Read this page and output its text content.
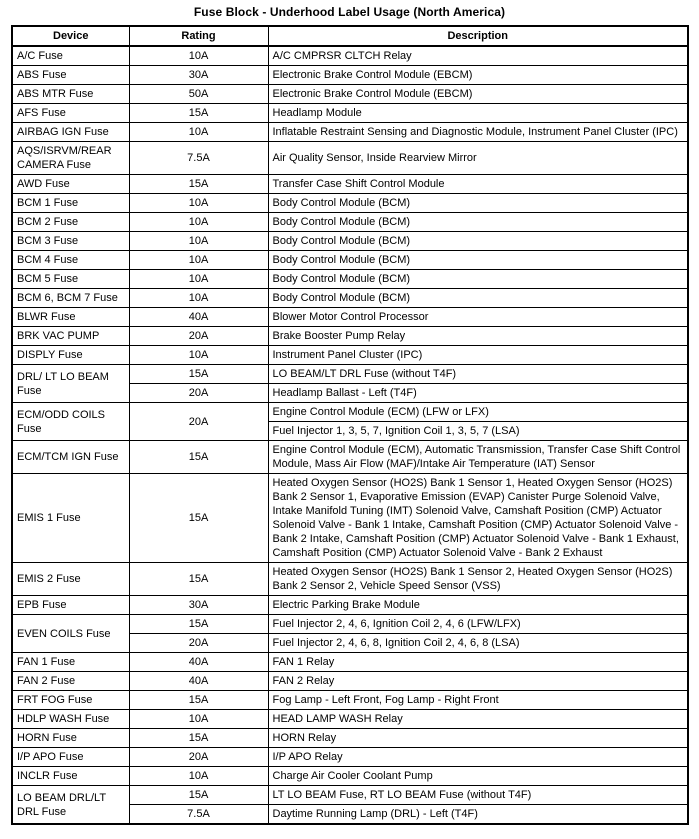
Fuse Block - Underhood Label Usage (North America)
Device	Rating	Description
A/C Fuse	10A	A/C CMPRSR CLTCH Relay
ABS Fuse	30A	Electronic Brake Control Module (EBCM)
ABS MTR Fuse	50A	Electronic Brake Control Module (EBCM)
AFS Fuse	15A	Headlamp Module
AIRBAG IGN Fuse	10A	Inflatable Restraint Sensing and Diagnostic Module, Instrument Panel Cluster (IPC)
AQS/ISRVM/REAR CAMERA Fuse	7.5A	Air Quality Sensor, Inside Rearview Mirror
AWD Fuse	15A	Transfer Case Shift Control Module
BCM 1 Fuse	10A	Body Control Module (BCM)
BCM 2 Fuse	10A	Body Control Module (BCM)
BCM 3 Fuse	10A	Body Control Module (BCM)
BCM 4 Fuse	10A	Body Control Module (BCM)
BCM 5 Fuse	10A	Body Control Module (BCM)
BCM 6, BCM 7 Fuse	10A	Body Control Module (BCM)
BLWR Fuse	40A	Blower Motor Control Processor
BRK VAC PUMP	20A	Brake Booster Pump Relay
DISPLY Fuse	10A	Instrument Panel Cluster (IPC)
DRL/ LT LO BEAM Fuse	15A	LO BEAM/LT DRL Fuse (without T4F)
	20A	Headlamp Ballast - Left (T4F)
ECM/ODD COILS Fuse	20A	Engine Control Module (ECM) (LFW or LFX)
		Fuel Injector 1, 3, 5, 7, Ignition Coil 1, 3, 5, 7 (LSA)
ECM/TCM IGN Fuse	15A	Engine Control Module (ECM), Automatic Transmission, Transfer Case Shift Control Module, Mass Air Flow (MAF)/Intake Air Temperature (IAT) Sensor
EMIS 1 Fuse	15A	Heated Oxygen Sensor (HO2S) Bank 1 Sensor 1, Heated Oxygen Sensor (HO2S) Bank 2 Sensor 1, Evaporative Emission (EVAP) Canister Purge Solenoid Valve, Intake Manifold Tuning (IMT) Solenoid Valve, Camshaft Position (CMP) Actuator Solenoid Valve - Bank 1 Intake, Camshaft Position (CMP) Actuator Solenoid Valve - Bank 2 Intake, Camshaft Position (CMP) Actuator Solenoid Valve - Bank 1 Exhaust, Camshaft Position (CMP) Actuator Solenoid Valve - Bank 2 Exhaust
EMIS 2 Fuse	15A	Heated Oxygen Sensor (HO2S) Bank 1 Sensor 2, Heated Oxygen Sensor (HO2S) Bank 2 Sensor 2, Vehicle Speed Sensor (VSS)
EPB Fuse	30A	Electric Parking Brake Module
EVEN COILS Fuse	15A	Fuel Injector 2, 4, 6, Ignition Coil 2, 4, 6 (LFW/LFX)
	20A	Fuel Injector 2, 4, 6, 8, Ignition Coil 2, 4, 6, 8 (LSA)
FAN 1 Fuse	40A	FAN 1 Relay
FAN 2 Fuse	40A	FAN 2 Relay
FRT FOG Fuse	15A	Fog Lamp - Left Front, Fog Lamp - Right Front
HDLP WASH Fuse	10A	HEAD LAMP WASH Relay
HORN Fuse	15A	HORN Relay
I/P APO Fuse	20A	I/P APO Relay
INCLR Fuse	10A	Charge Air Cooler Coolant Pump
LO BEAM DRL/LT DRL Fuse	15A	LT LO BEAM Fuse, RT LO BEAM Fuse (without T4F)
	7.5A	Daytime Running Lamp (DRL) - Left (T4F)
